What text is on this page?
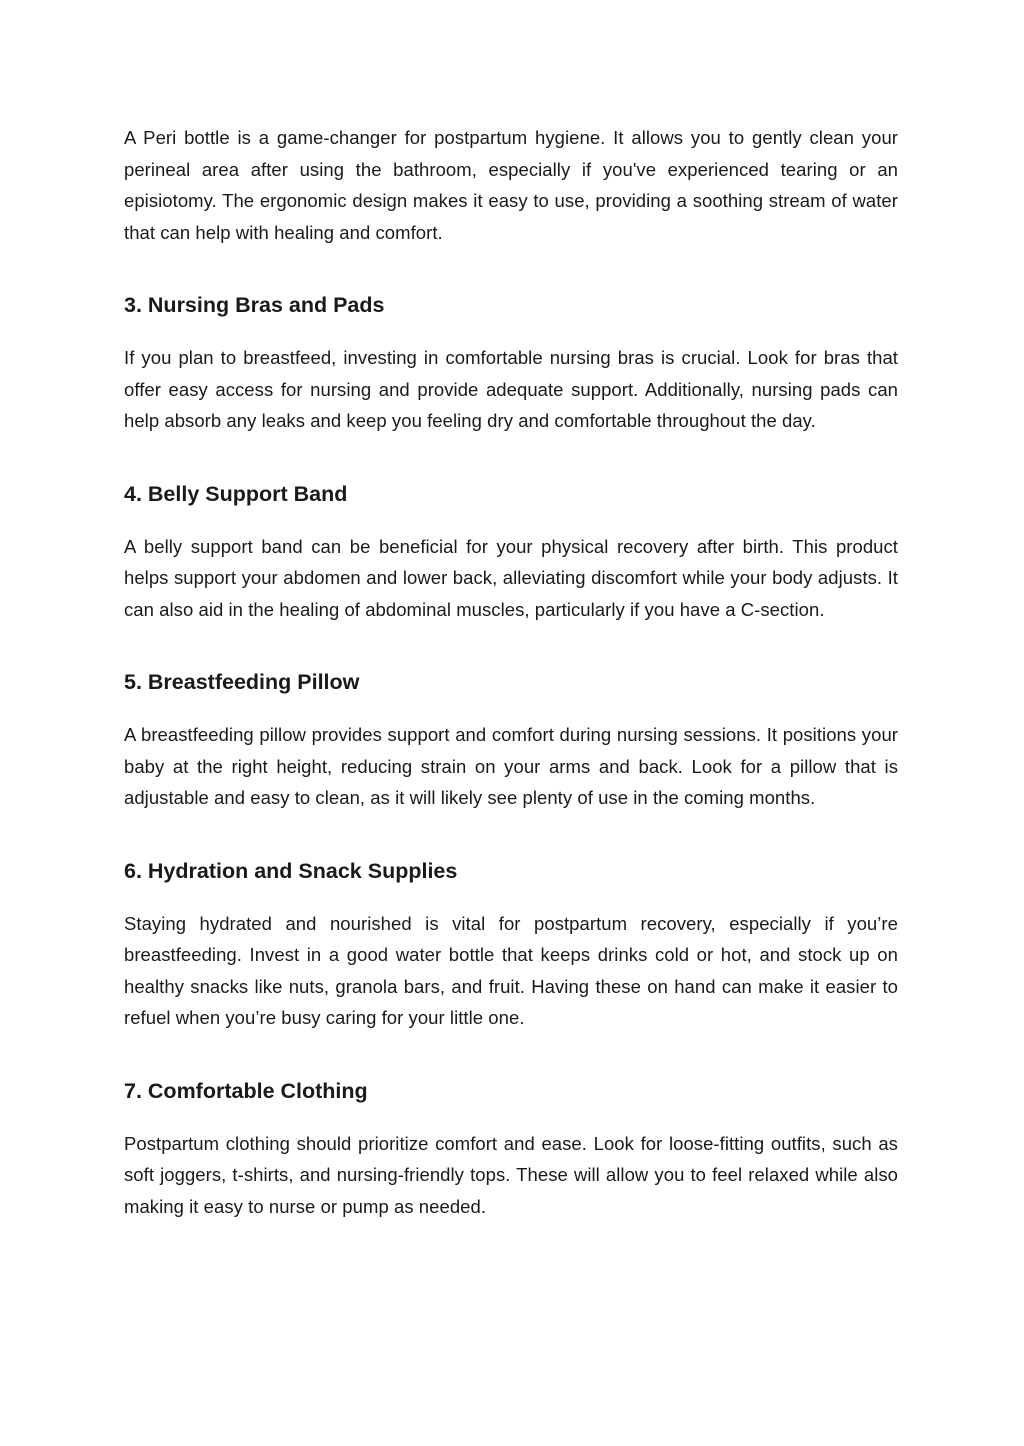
A Peri bottle is a game-changer for postpartum hygiene. It allows you to gently clean your perineal area after using the bathroom, especially if you've experienced tearing or an episiotomy. The ergonomic design makes it easy to use, providing a soothing stream of water that can help with healing and comfort.

3. Nursing Bras and Pads

If you plan to breastfeed, investing in comfortable nursing bras is crucial. Look for bras that offer easy access for nursing and provide adequate support. Additionally, nursing pads can help absorb any leaks and keep you feeling dry and comfortable throughout the day.

4. Belly Support Band

A belly support band can be beneficial for your physical recovery after birth. This product helps support your abdomen and lower back, alleviating discomfort while your body adjusts. It can also aid in the healing of abdominal muscles, particularly if you have a C-section.

5. Breastfeeding Pillow

A breastfeeding pillow provides support and comfort during nursing sessions. It positions your baby at the right height, reducing strain on your arms and back. Look for a pillow that is adjustable and easy to clean, as it will likely see plenty of use in the coming months.

6. Hydration and Snack Supplies

Staying hydrated and nourished is vital for postpartum recovery, especially if you’re breastfeeding. Invest in a good water bottle that keeps drinks cold or hot, and stock up on healthy snacks like nuts, granola bars, and fruit. Having these on hand can make it easier to refuel when you’re busy caring for your little one.

7. Comfortable Clothing

Postpartum clothing should prioritize comfort and ease. Look for loose-fitting outfits, such as soft joggers, t-shirts, and nursing-friendly tops. These will allow you to feel relaxed while also making it easy to nurse or pump as needed.
